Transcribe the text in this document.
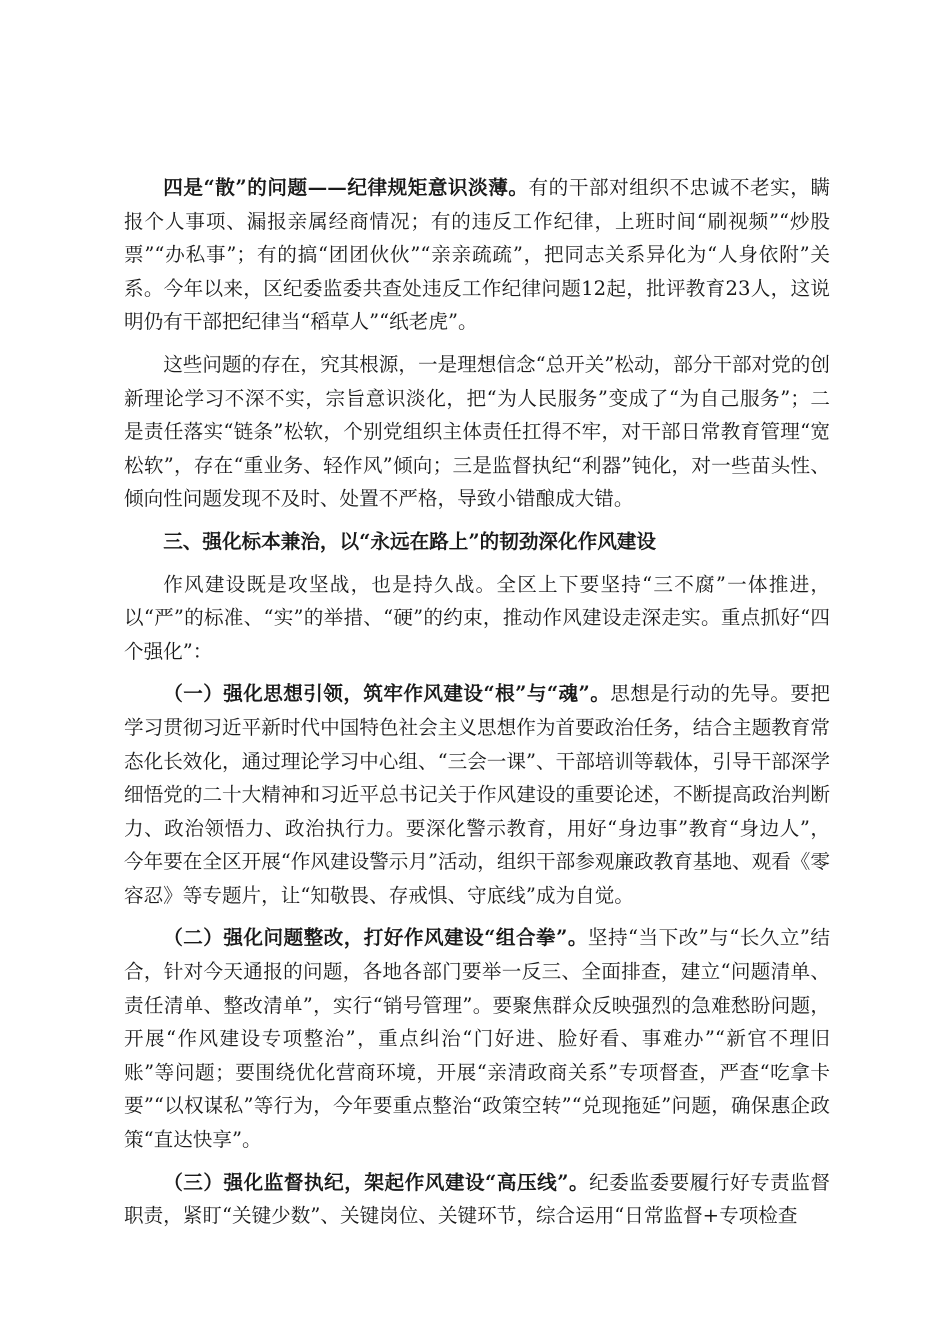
四是“散”的问题——纪律规矩意识淡薄。有的干部对组织不忠诚不老实，瞒报个人事项、漏报亲属经商情况；有的违反工作纪律，上班时间“刷视频”“炒股票”“办私事”；有的搞“团团伙伙”“亲亲疏疏”，把同志关系异化为“人身依附”关系。今年以来，区纪委监委共查处违反工作纪律问题12起，批评教育23人，这说明仍有干部把纪律当“稻草人”“纸老虎”。

这些问题的存在，究其根源，一是理想信念“总开关”松动，部分干部对党的创新理论学习不深不实，宗旨意识淡化，把“为人民服务”变成了“为自己服务”；二是责任落实“链条”松软，个别党组织主体责任扛得不牢，对干部日常教育管理“宽松软”，存在“重业务、轻作风”倾向；三是监督执纪“利器”钝化，对一些苗头性、倾向性问题发现不及时、处置不严格，导致小错酿成大错。

三、强化标本兼治，以“永远在路上”的韧劲深化作风建设

作风建设既是攻坚战，也是持久战。全区上下要坚持“三不腐”一体推进，以“严”的标准、“实”的举措、“硬”的约束，推动作风建设走深走实。重点抓好“四个强化”：

（一）强化思想引领，筑牢作风建设“根”与“魂”。思想是行动的先导。要把学习贯彻习近平新时代中国特色社会主义思想作为首要政治任务，结合主题教育常态化长效化，通过理论学习中心组、“三会一课”、干部培训等载体，引导干部深学细悟党的二十大精神和习近平总书记关于作风建设的重要论述，不断提高政治判断力、政治领悟力、政治执行力。要深化警示教育，用好“身边事”教育“身边人”，今年要在全区开展“作风建设警示月”活动，组织干部参观廉政教育基地、观看《零容忍》等专题片，让“知敬畏、存戒惧、守底线”成为自觉。

（二）强化问题整改，打好作风建设“组合拳”。坚持“当下改”与“长久立”结合，针对今天通报的问题，各地各部门要举一反三、全面排查，建立“问题清单、责任清单、整改清单”，实行“销号管理”。要聚焦群众反映强烈的急难愁盼问题，开展“作风建设专项整治”，重点纠治“门好进、脸好看、事难办”“新官不理旧账”等问题；要围绕优化营商环境，开展“亲清政商关系”专项督查，严查“吃拿卡要”“以权谋私”等行为，今年要重点整治“政策空转”“兑现拖延”问题，确保惠企政策“直达快享”。

（三）强化监督执纪，架起作风建设“高压线”。纪委监委要履行好专责监督职责，紧盯“关键少数”、关键岗位、关键环节，综合运用“日常监督+专项检查
